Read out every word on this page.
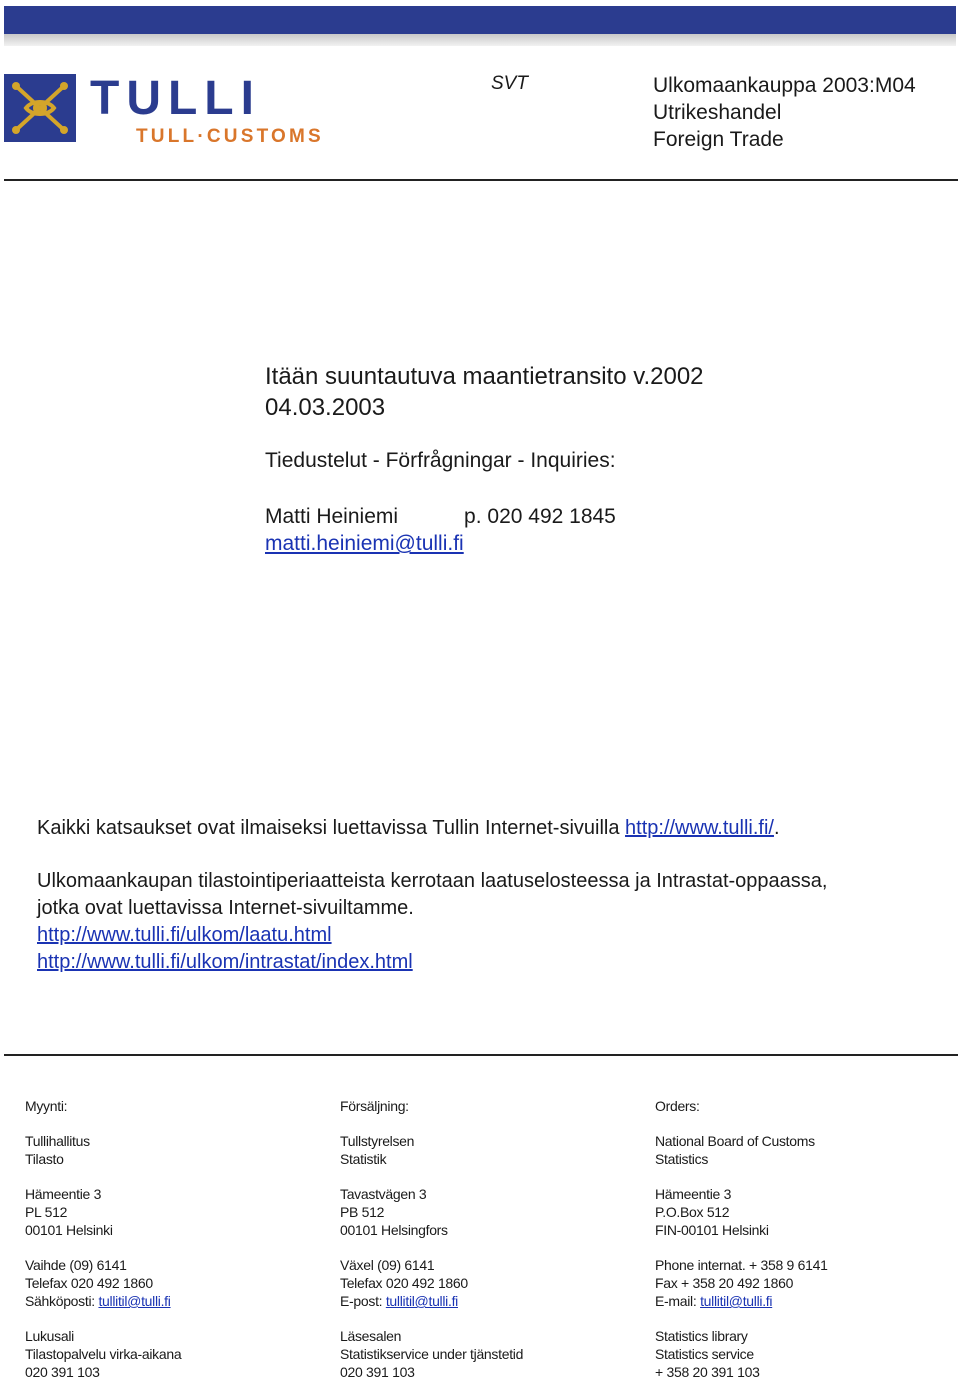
TULLI
TULL·CUSTOMS
SVT	Ulkomaankauppa 2003:M04
Utrikeshandel
Foreign Trade
Itään suuntautuva maantietransito v.2002
04.03.2003
Tiedustelut - Förfrågningar - Inquiries:
Matti Heiniemi	p. 020 492 1845
matti.heiniemi@tulli.fi
Kaikki katsaukset ovat ilmaiseksi luettavissa Tullin Internet-sivuilla http://www.tulli.fi/.
Ulkomaankaupan tilastointiperiaatteista kerrotaan laatuselosteessa ja Intrastat-oppaassa,
jotka ovat luettavissa Internet-sivuiltamme.
http://www.tulli.fi/ulkom/laatu.html
http://www.tulli.fi/ulkom/intrastat/index.html
Myynti:
Tullihallitus
Tilasto
Hämeentie 3
PL 512
00101 Helsinki
Vaihde (09) 6141
Telefax 020 492 1860
Sähköposti: tullitil@tulli.fi
Lukusali
Tilastopalvelu virka-aikana
020 391 103
Försäljning:
Tullstyrelsen
Statistik
Tavastvägen 3
PB 512
00101 Helsingfors
Växel (09) 6141
Telefax 020 492 1860
E-post: tullitil@tulli.fi
Läsesalen
Statistikservice under tjänstetid
020 391 103
Orders:
National Board of Customs
Statistics
Hämeentie 3
P.O.Box 512
FIN-00101 Helsinki
Phone internat. + 358 9 6141
Fax + 358 20 492 1860
E-mail: tullitil@tulli.fi
Statistics library
Statistics service
+ 358 20 391 103
